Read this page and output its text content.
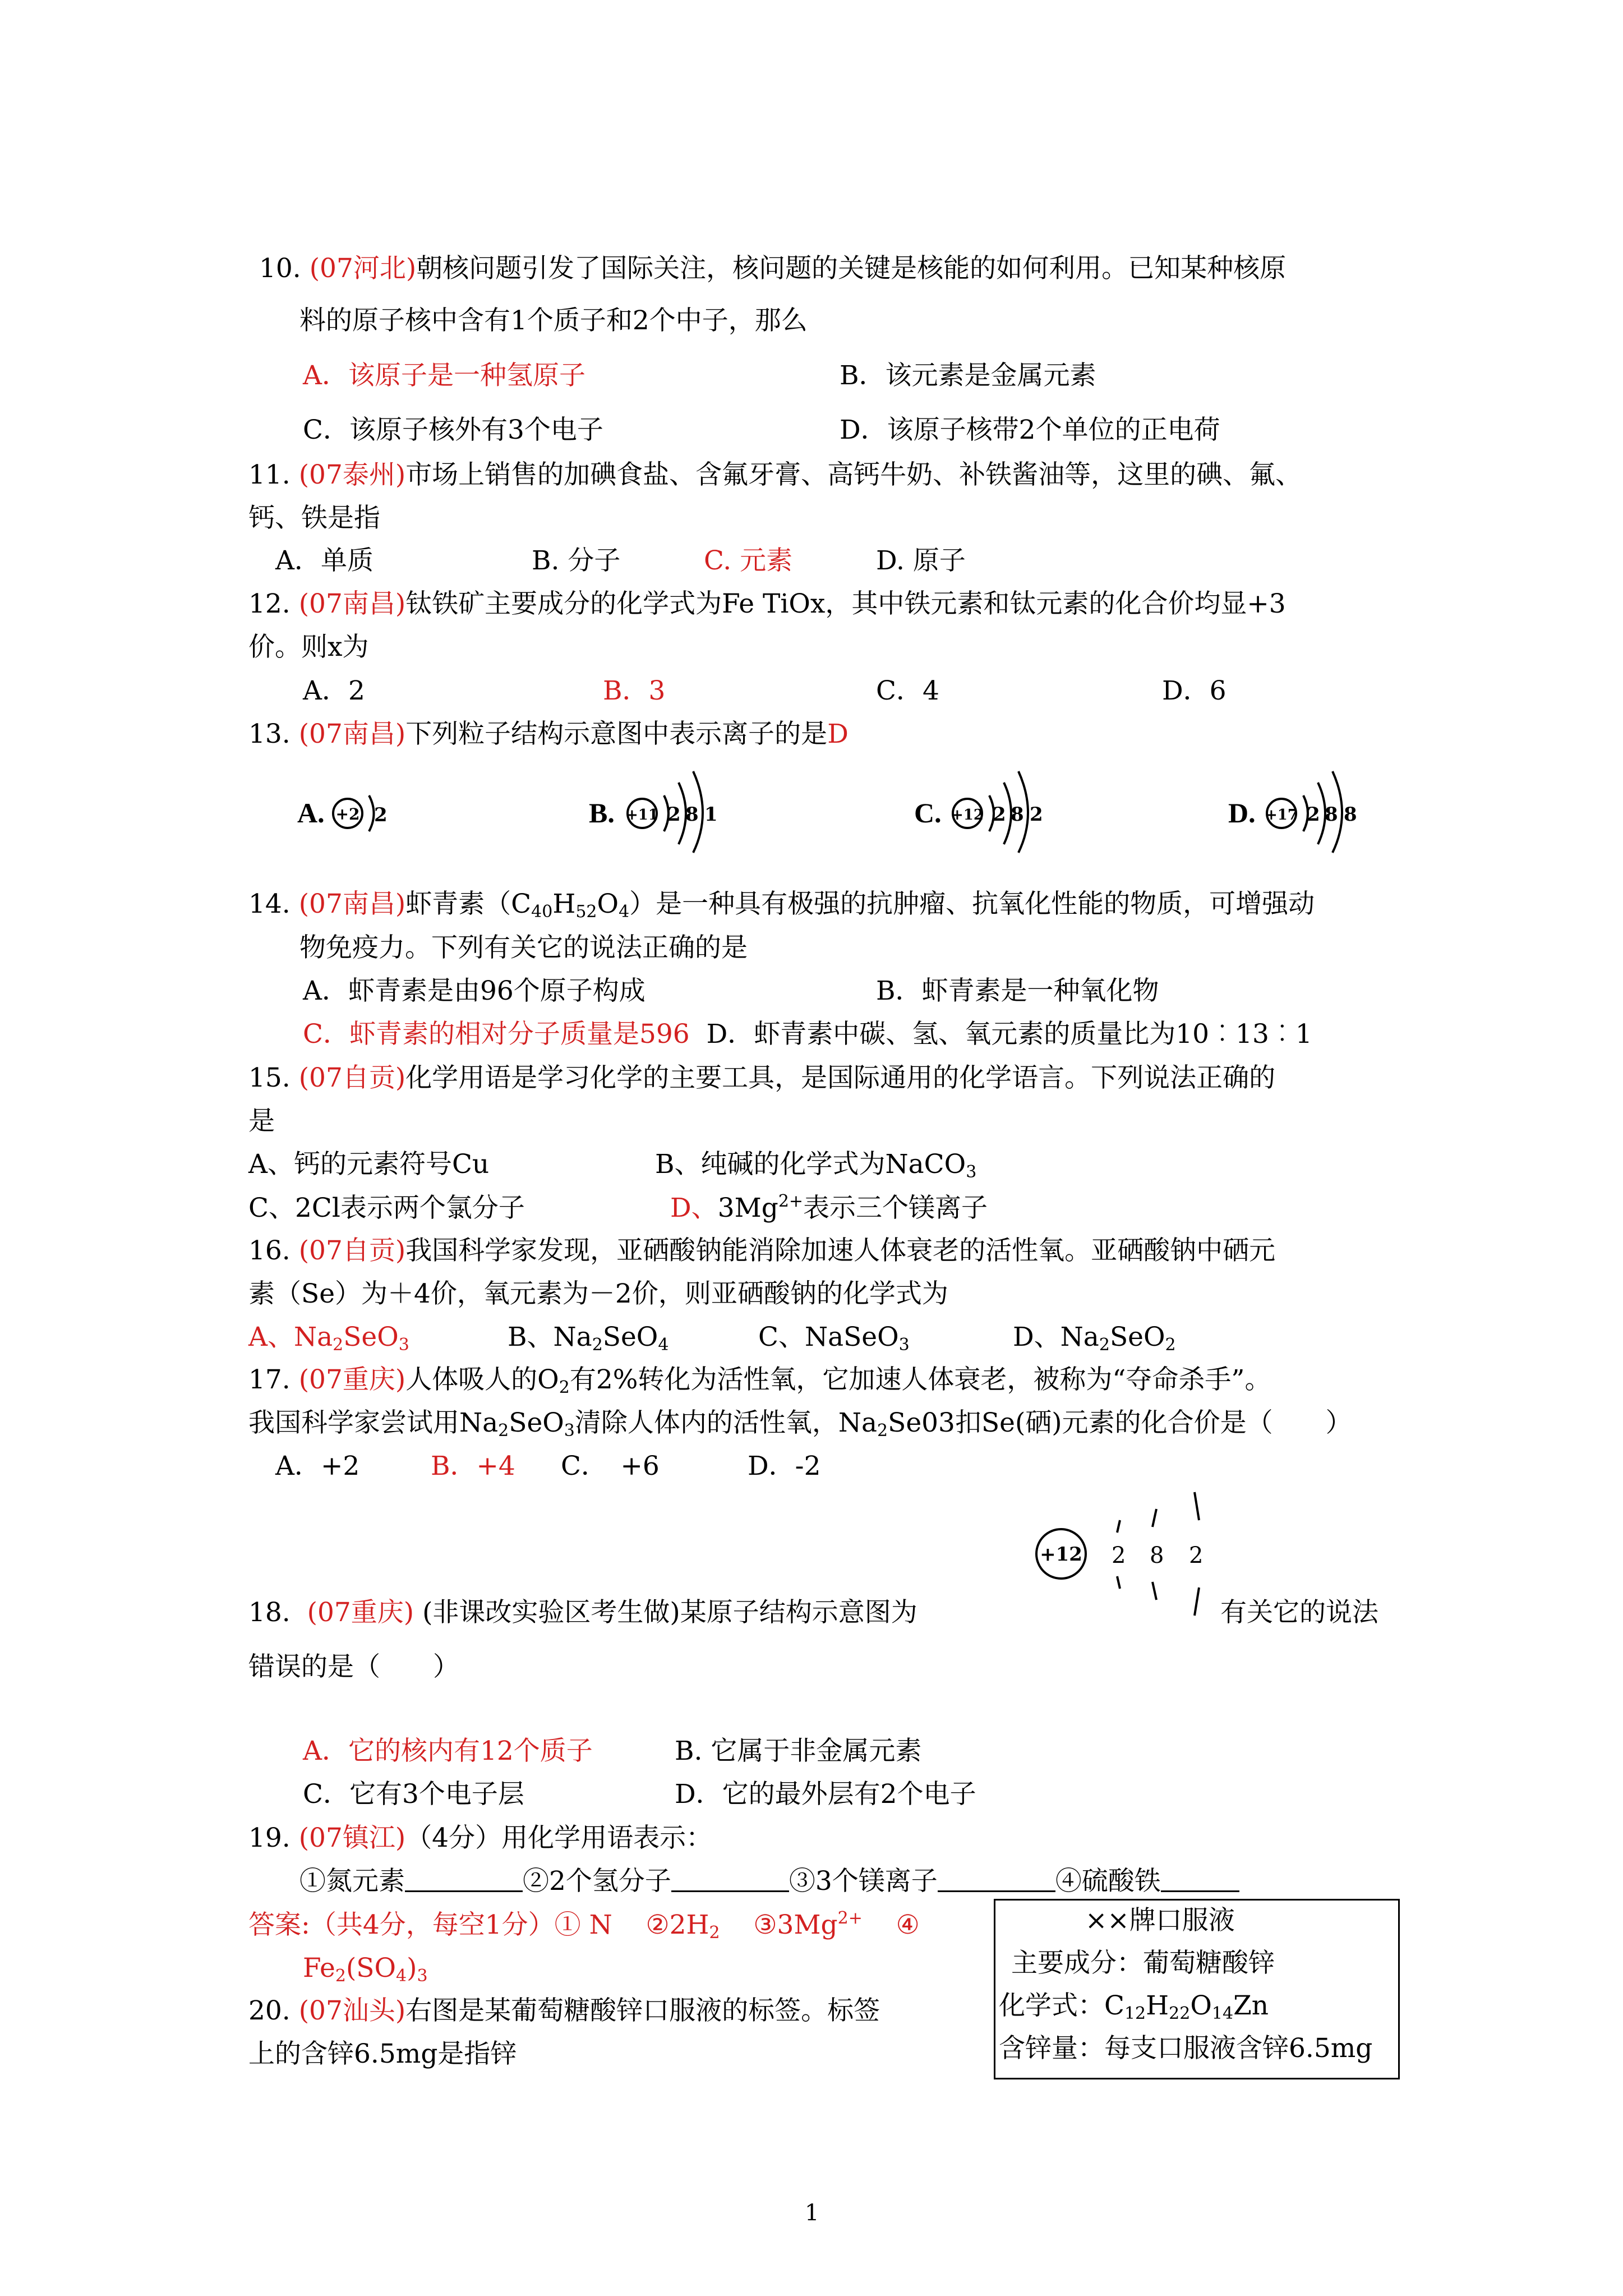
10. (07河北)朝核问题引发了国际关注，核问题的关键是核能的如何利用。已知某种核原
料的原子核中含有1个质子和2个中子，那么
A．该原子是一种氢原子	B．该元素是金属元素
C．该原子核外有3个电子	D．该原子核带2个单位的正电荷
11. (07泰州)市场上销售的加碘食盐、含氟牙膏、高钙牛奶、补铁酱油等，这里的碘、氟、
钙、铁是指
A．单质	B. 分子	C. 元素	D. 原子
12. (07南昌)钛铁矿主要成分的化学式为Fe TiOx，其中铁元素和钛元素的化合价均显+3
价。则x为
A．2	B．3	C．4	D．6
13. (07南昌)下列粒子结构示意图中表示离子的是D
A. +2 2	B. +11 2 8 1	C. +12 2 8 2	D. +17 2 8 8
14. (07南昌)虾青素$(C_{40}H_{52}O_4)$是一种具有极强的抗肿瘤、抗氧化性能的物质，可增强动
物免疫力。下列有关它的说法正确的是
A．虾青素是由96个原子构成	B．虾青素是一种氧化物
C．虾青素的相对分子质量是596 D．虾青素中碳、氢、氧元素的质量比为10︰13︰1
15. (07自贡)化学用语是学习化学的主要工具，是国际通用的化学语言。下列说法正确的
是
A、钙的元素符号Cu	B、纯碱的化学式为NaCO$_3$
C、2Cl表示两个氯分子	D、$3Mg^{2+}$表示三个镁离子
16. (07自贡)我国科学家发现，亚硒酸钠能消除加速人体衰老的活性氧。亚硒酸钠中硒元
素（Se）为＋4价，氧元素为－2价，则亚硒酸钠的化学式为
A、$Na_2SeO_3$	B、$Na_2SeO_4$	C、NaSeO$_3$	D、$Na_2SeO_2$
17. (07重庆)人体吸人的$O_2$有2%转化为活性氧，它加速人体衰老，被称为“夺命杀手”。
我国科学家尝试用$Na_2SeO_3$清除人体内的活性氧，$Na_2Se03$扣Se(硒)元素的化合价是（　　）
A．+2	B．+4 C．　+6	D．-2
+12 2 8 2
18. (07重庆) (非课改实验区考生做)某原子结构示意图为	有关它的说法
错误的是（　　）
A．它的核内有12个质子	B. 它属于非金属元素
C．它有3个电子层	D．它的最外层有2个电子
19. (07镇江)（4分）用化学用语表示：
①氮元素	②2个氢分子	③3个镁离子	④硫酸铁
答案:（共4分，每空1分）① N $②2H_2$ $③3Mg^{2+}$ ④
$Fe_2(SO_4)_3$
××牌口服液
主要成分：葡萄糖酸锌
化学式：$C_{12}H_{22}O_{14}Zn$
含锌量：每支口服液含锌6.5mg
20. (07汕头)右图是某葡萄糖酸锌口服液的标签。标签
上的含锌6.5mg是指锌
1
